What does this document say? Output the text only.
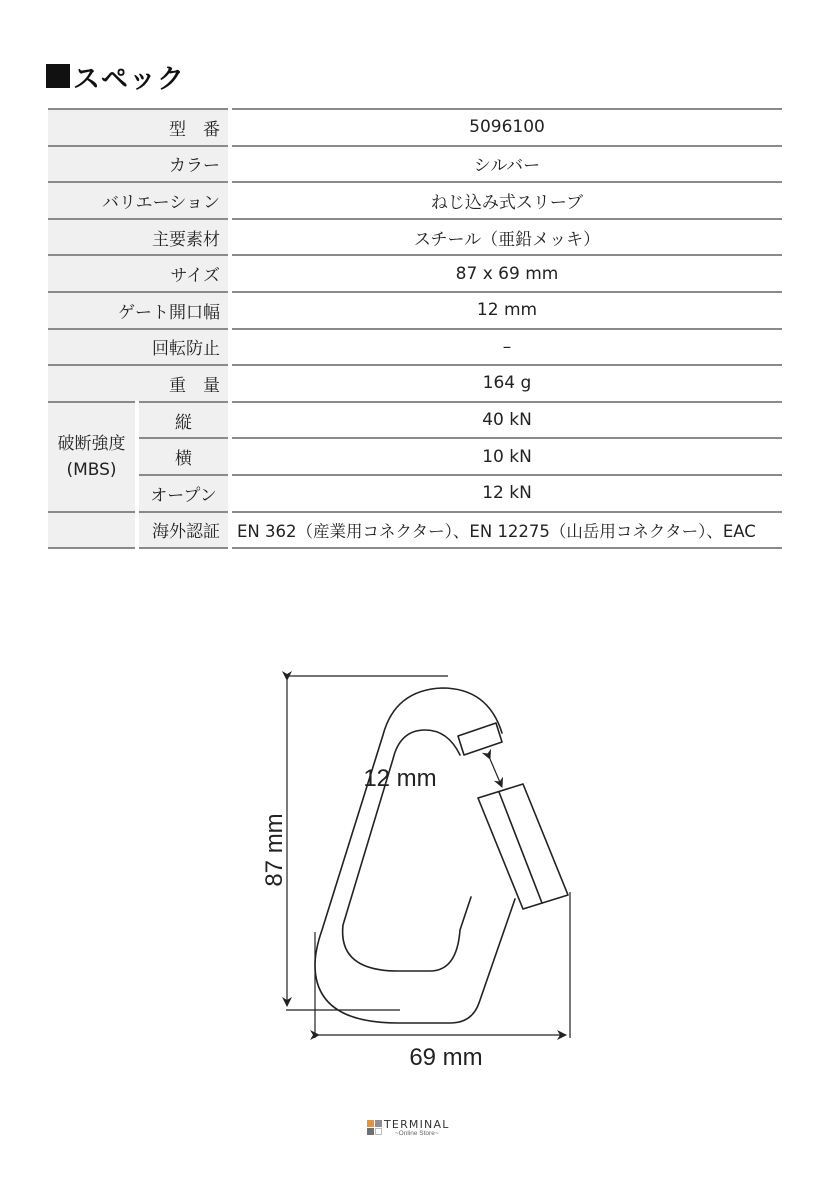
スペック
型　番	5096100
カラー	シルバー
バリエーション	ねじ込み式スリーブ
主要素材	スチール（亜鉛メッキ）
サイズ	87 x 69 mm
ゲート開口幅	12 mm
回転防止	–
重　量	164 g
破断強度
(MBS)
縦	40 kN
横	10 kN
オープン	12 kN
海外認証	EN 362（産業用コネクター）、EN 12275（山岳用コネクター）、EAC
12 mm
69 mm
87 mm
TERMINAL
~Online Store~
